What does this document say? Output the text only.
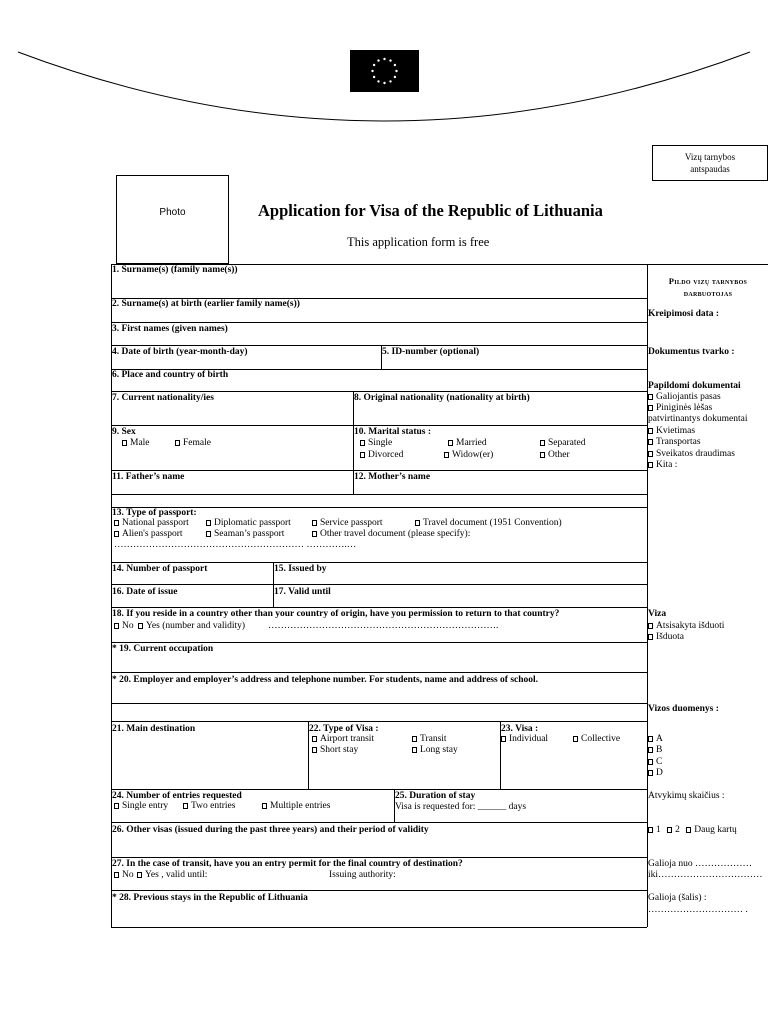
Vizų tarnybos antspaudas
Photo	Application for Visa of the Republic of Lithuania
This application form is free
1. Surname(s) (family name(s))
2. Surname(s) at birth (earlier family name(s))
3. First names (given names)
4. Date of birth (year-month-day)	5. ID-number (optional)
6. Place and country of birth
7. Current nationality/ies	8. Original nationality (nationality at birth)
9. Sex
Male	Female
10. Marital status :
Single	Married	Separated
Divorced	Widow(er)	Other
11. Father’s name	12. Mother’s name
13. Type of passport:
National passport	Diplomatic passport	Service passport	Travel document (1951 Convention)
Alien's passport	Seaman’s passport	Other travel document (please specify):
…………………………………………………… ………….…
14. Number of passport	15. Issued by
16. Date of issue	17. Valid until
18. If you reside in a country other than your country of origin, have you permission to return to that country?
No	Yes (number and validity) ……………………………………………………………….
* 19. Current occupation
* 20. Employer and employer’s address and telephone number. For students, name and address of school.
21. Main destination	22. Type of Visa :
Airport transit	Transit
Short stay	Long stay
23. Visa :
Individual	Collective
24. Number of entries requested
Single entry	Two entries	Multiple entries
25. Duration of stay
Visa is requested for: ______ days
26. Other visas (issued during the past three years) and their period of validity
27. In the case of transit, have you an entry permit for the final country of destination?
No	Yes , valid until:	Issuing authority:
* 28. Previous stays in the Republic of Lithuania
Pildo vizų tarnybos
darbuotojas
Kreipimosi data :
Dokumentus tvarko :
Papildomi dokumentai
Galiojantis pasas
Piniginės lėšas
patvirtinantys dokumentai
Kvietimas
Transportas
Sveikatos draudimas
Kita :
Viza
Atsisakyta išduoti
Išduota
Vizos duomenys :
A
B
C
D
Atvykimų skaičius :
1 2 Daug kartų
Galioja nuo ………………
iki……………………………
Galioja (šalis) :
………………………… .
